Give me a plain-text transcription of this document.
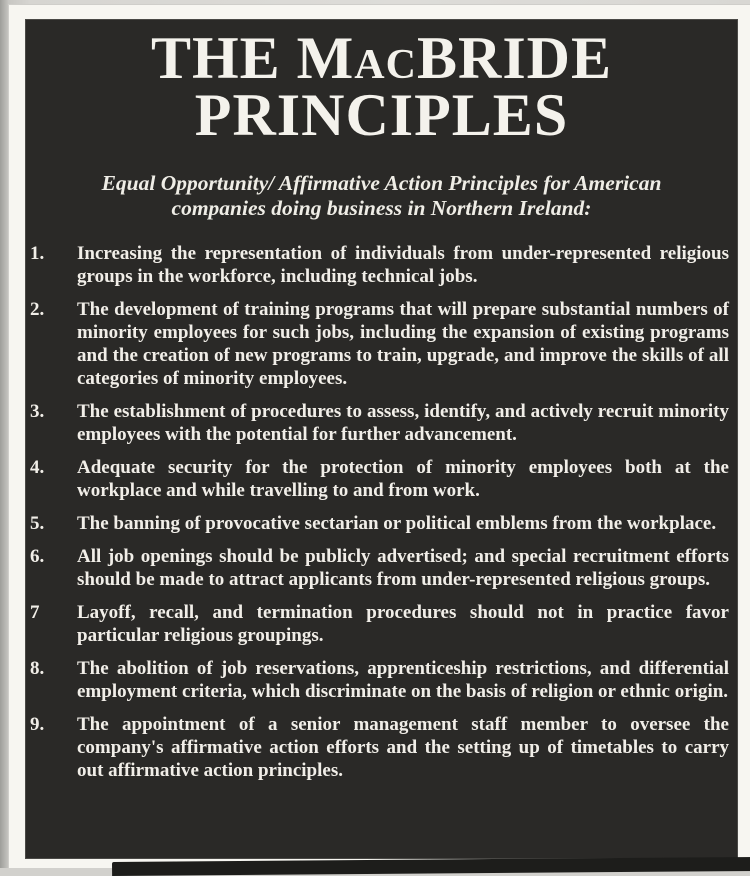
THE MacBRIDE
PRINCIPLES

Equal Opportunity/ Affirmative Action Principles for American companies doing business in Northern Ireland:

1.	Increasing the representation of individuals from under-represented religious groups in the workforce, including technical jobs.
2.	The development of training programs that will prepare substantial numbers of minority employees for such jobs, including the expansion of existing programs and the creation of new programs to train, upgrade, and improve the skills of all categories of minority employees.
3.	The establishment of procedures to assess, identify, and actively recruit minority employees with the potential for further advancement.
4.	Adequate security for the protection of minority employees both at the workplace and while travelling to and from work.
5.	The banning of provocative sectarian or political emblems from the workplace.
6.	All job openings should be publicly advertised; and special recruitment efforts should be made to attract applicants from under-represented religious groups.
7	Layoff, recall, and termination procedures should not in practice favor particular religious groupings.
8.	The abolition of job reservations, apprenticeship restrictions, and differential employment criteria, which discriminate on the basis of religion or ethnic origin.
9.	The appointment of a senior management staff member to oversee the company's affirmative action efforts and the setting up of timetables to carry out affirmative action principles.
